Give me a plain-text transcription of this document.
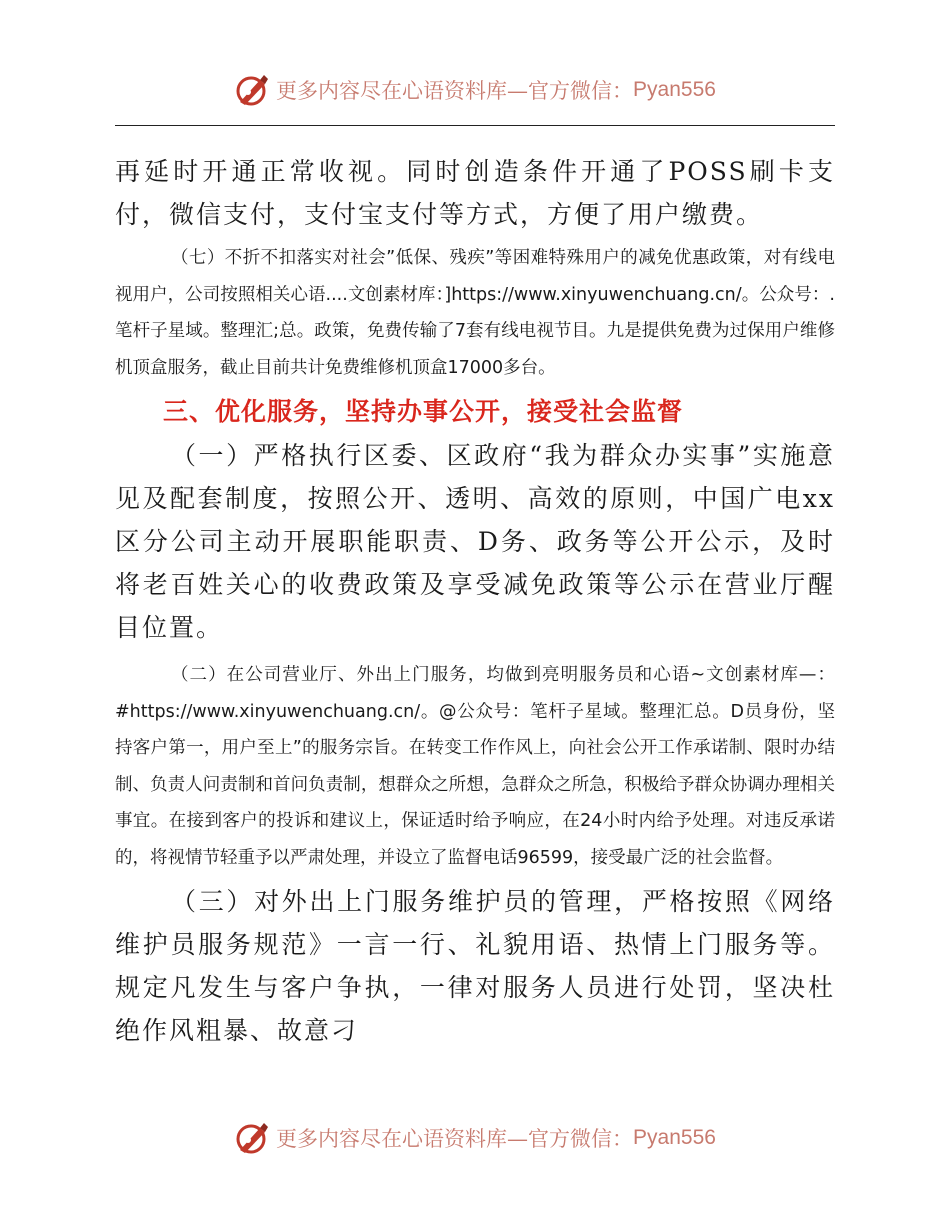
更多内容尽在心语资料库—官方微信： Pyan556

再延时开通正常收视。同时创造条件开通了POSS刷卡支付，微信支付，支付宝支付等方式，方便了用户缴费。

（七）不折不扣落实对社会”低保、残疾”等困难特殊用户的减免优惠政策，对有线电视用户，公司按照相关心语....文创素材库：]https://www.xinyuwenchuang.cn/。公众号：.笔杆子星域。整理汇;总。政策，免费传输了7套有线电视节目。九是提供免费为过保用户维修机顶盒服务，截止目前共计免费维修机顶盒17000多台。

三、优化服务，坚持办事公开，接受社会监督

（一）严格执行区委、区政府“我为群众办实事”实施意见及配套制度，按照公开、透明、高效的原则，中国广电xx区分公司主动开展职能职责、D务、政务等公开公示，及时将老百姓关心的收费政策及享受减免政策等公示在营业厅醒目位置。

（二）在公司营业厅、外出上门服务，均做到亮明服务员和心语~文创素材库—：#https://www.xinyuwenchuang.cn/。@公众号：笔杆子星域。整理汇总。D员身份，坚持客户第一，用户至上”的服务宗旨。在转变工作作风上，向社会公开工作承诺制、限时办结制、负责人问责制和首问负责制，想群众之所想，急群众之所急，积极给予群众协调办理相关事宜。在接到客户的投诉和建议上，保证适时给予响应，在24小时内给予处理。对违反承诺的，将视情节轻重予以严肃处理，并设立了监督电话96599，接受最广泛的社会监督。

（三）对外出上门服务维护员的管理，严格按照《网络维护员服务规范》一言一行、礼貌用语、热情上门服务等。规定凡发生与客户争执，一律对服务人员进行处罚，坚决杜绝作风粗暴、故意刁

更多内容尽在心语资料库—官方微信： Pyan556
